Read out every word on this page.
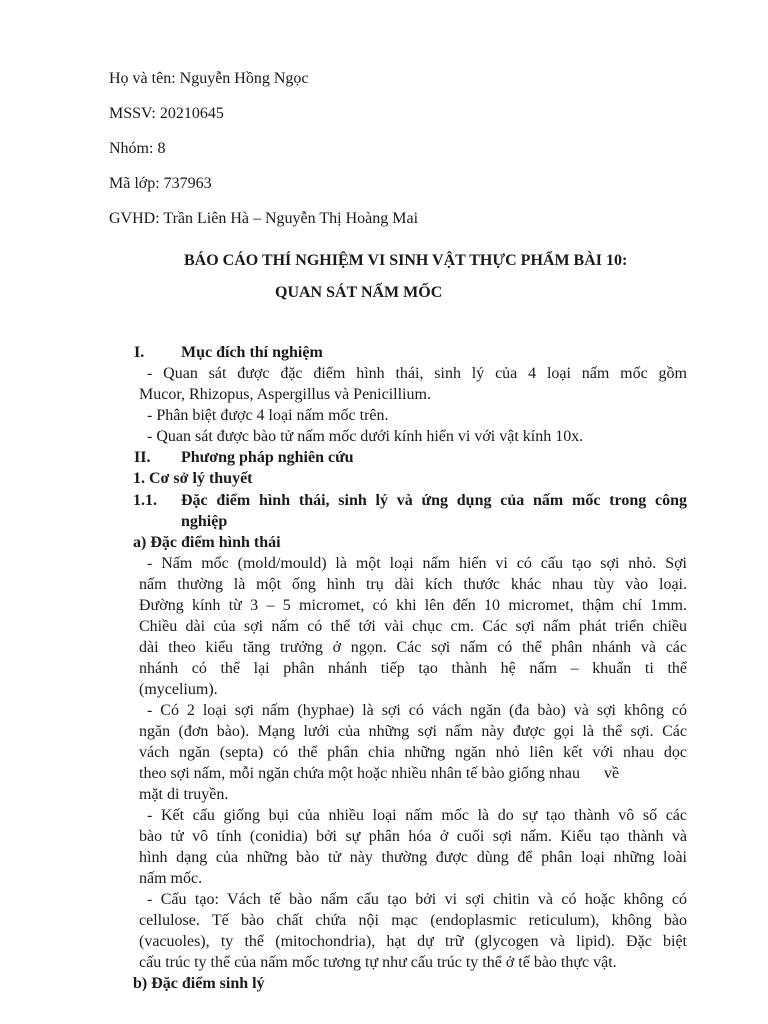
Họ và tên: Nguyễn Hồng Ngọc
MSSV: 20210645
Nhóm: 8
Mã lớp: 737963
GVHD: Trần Liên Hà – Nguyễn Thị Hoàng Mai
BÁO CÁO THÍ NGHIỆM VI SINH VẬT THỰC PHẨM BÀI 10:
QUAN SÁT NẤM MỐC
I. Mục đích thí nghiệm
- Quan sát được đặc điểm hình thái, sinh lý của 4 loại nấm mốc gồm
Mucor, Rhizopus, Aspergillus và Penicillium.
- Phân biệt được 4 loại nấm mốc trên.
- Quan sát được bào tử nấm mốc dưới kính hiển vi với vật kính 10x.
II. Phương pháp nghiên cứu
1. Cơ sở lý thuyết
1.1. Đặc điểm hình thái, sinh lý và ứng dụng của nấm mốc trong công
nghiệp
a) Đặc điểm hình thái
- Nấm mốc (mold/mould) là một loại nấm hiển vi có cấu tạo sợi nhỏ. Sợi
nấm thường là một ống hình trụ dài kích thước khác nhau tùy vào loại.
Đường kính từ 3 – 5 micromet, có khi lên đến 10 micromet, thậm chí 1mm.
Chiều dài của sợi nấm có thể tới vài chục cm. Các sợi nấm phát triển chiều
dài theo kiểu tăng trưởng ở ngọn. Các sợi nấm có thể phân nhánh và các
nhánh có thể lại phân nhánh tiếp tạo thành hệ nấm – khuẩn ti thể
(mycelium).
- Có 2 loại sợi nấm (hyphae) là sợi có vách ngăn (đa bào) và sợi không có
ngăn (đơn bào). Mạng lưới của những sợi nấm này được gọi là thể sợi. Các
vách ngăn (septa) có thể phân chia những ngăn nhỏ liên kết với nhau dọc
theo sợi nấm, mỗi ngăn chứa một hoặc nhiều nhân tế bào giống nhau      về
mặt di truyền.
- Kết cấu giống bụi của nhiều loại nấm mốc là do sự tạo thành vô số các
bào tử vô tính (conidia) bởi sự phân hóa ở cuối sợi nấm. Kiểu tạo thành và
hình dạng của những bào tử này thường được dùng để phân loại những loài
nấm mốc.
- Cấu tạo: Vách tế bào nấm cấu tạo bởi vi sợi chitin và có hoặc không có
cellulose. Tế bào chất chứa nội mạc (endoplasmic reticulum), không bào
(vacuoles), ty thể (mitochondria), hạt dự trữ (glycogen và lipid). Đặc biệt
cấu trúc ty thể của nấm mốc tương tự như cấu trúc ty thể ở tế bào thực vật.
b) Đặc điểm sinh lý
